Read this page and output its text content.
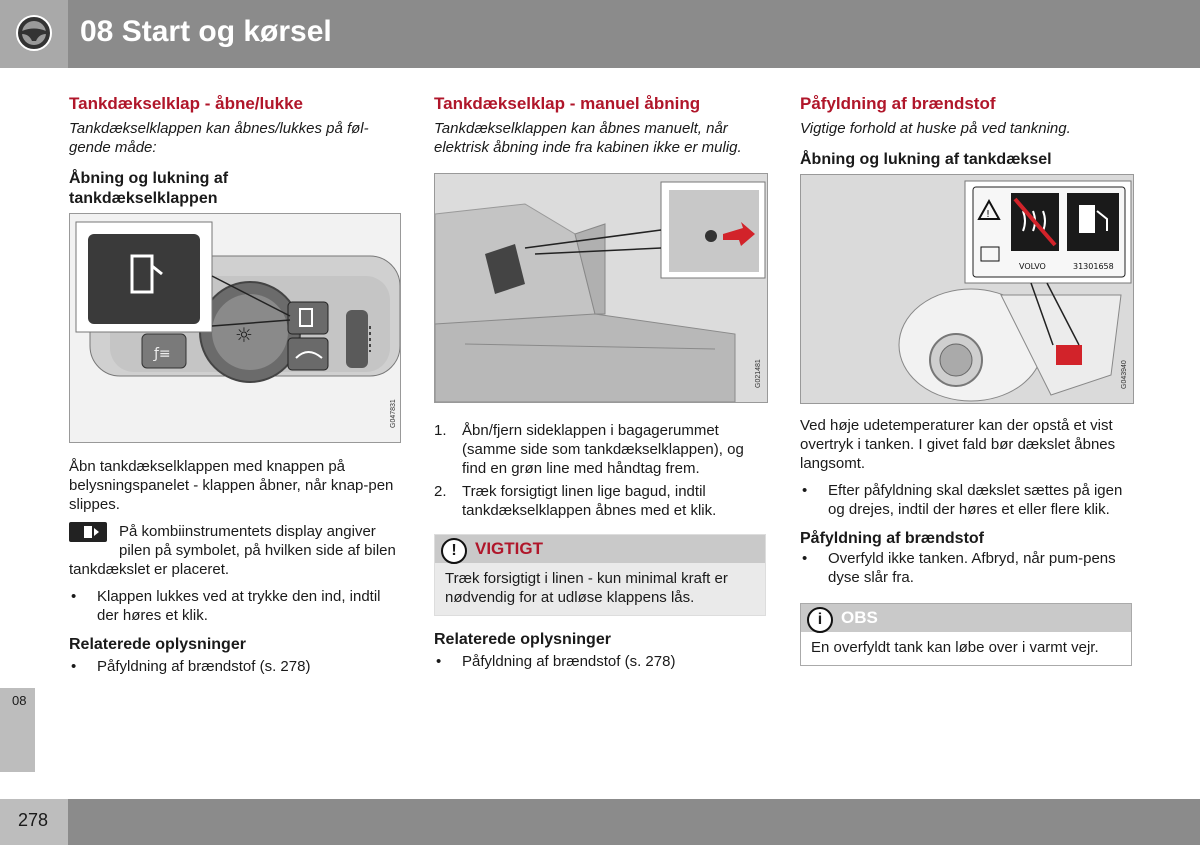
08 Start og kørsel
08
278
Tankdækselklap - åbne/lukke

Tankdækselklappen kan åbnes/lukkes på føl-gende måde:

Åbning og lukning af tankdækselklappen
☼
ƒ≡
G047831

Åbn tankdækselklappen med knappen på belysningspanelet - klappen åbner, når knap-pen slippes.

På kombiinstrumentets display angiver pilen på symbolet, på hvilken side af bilen tankdækslet er placeret.

• Klappen lukkes ved at trykke den ind, indtil der høres et klik.
Relaterede oplysninger
• Påfyldning af brændstof (s. 278)
Tankdækselklap - manuel åbning

Tankdækselklappen kan åbnes manuelt, når elektrisk åbning inde fra kabinen ikke er mulig.

G021481
1. Åbn/fjern sideklappen i bagagerummet (samme side som tankdækselklappen), og find en grøn line med håndtag frem.
2. Træk forsigtigt linen lige bagud, indtil tankdækselklappen åbnes med et klik.
!	VIGTIGT
Træk forsigtigt i linen - kun minimal kraft er nødvendig for at udløse klappens lås.
Relaterede oplysninger
• Påfyldning af brændstof (s. 278)
Påfyldning af brændstof

Vigtige forhold at huske på ved tankning.

Åbning og lukning af tankdæksel
!
VOLVO	31301658
G043940

Ved høje udetemperaturer kan der opstå et vist overtryk i tanken. I givet fald bør dækslet åbnes langsomt.

• Efter påfyldning skal dækslet sættes på igen og drejes, indtil der høres et eller flere klik.
Påfyldning af brændstof
• Overfyld ikke tanken. Afbryd, når pum-pens dyse slår fra.
i	OBS
En overfyldt tank kan løbe over i varmt vejr.
